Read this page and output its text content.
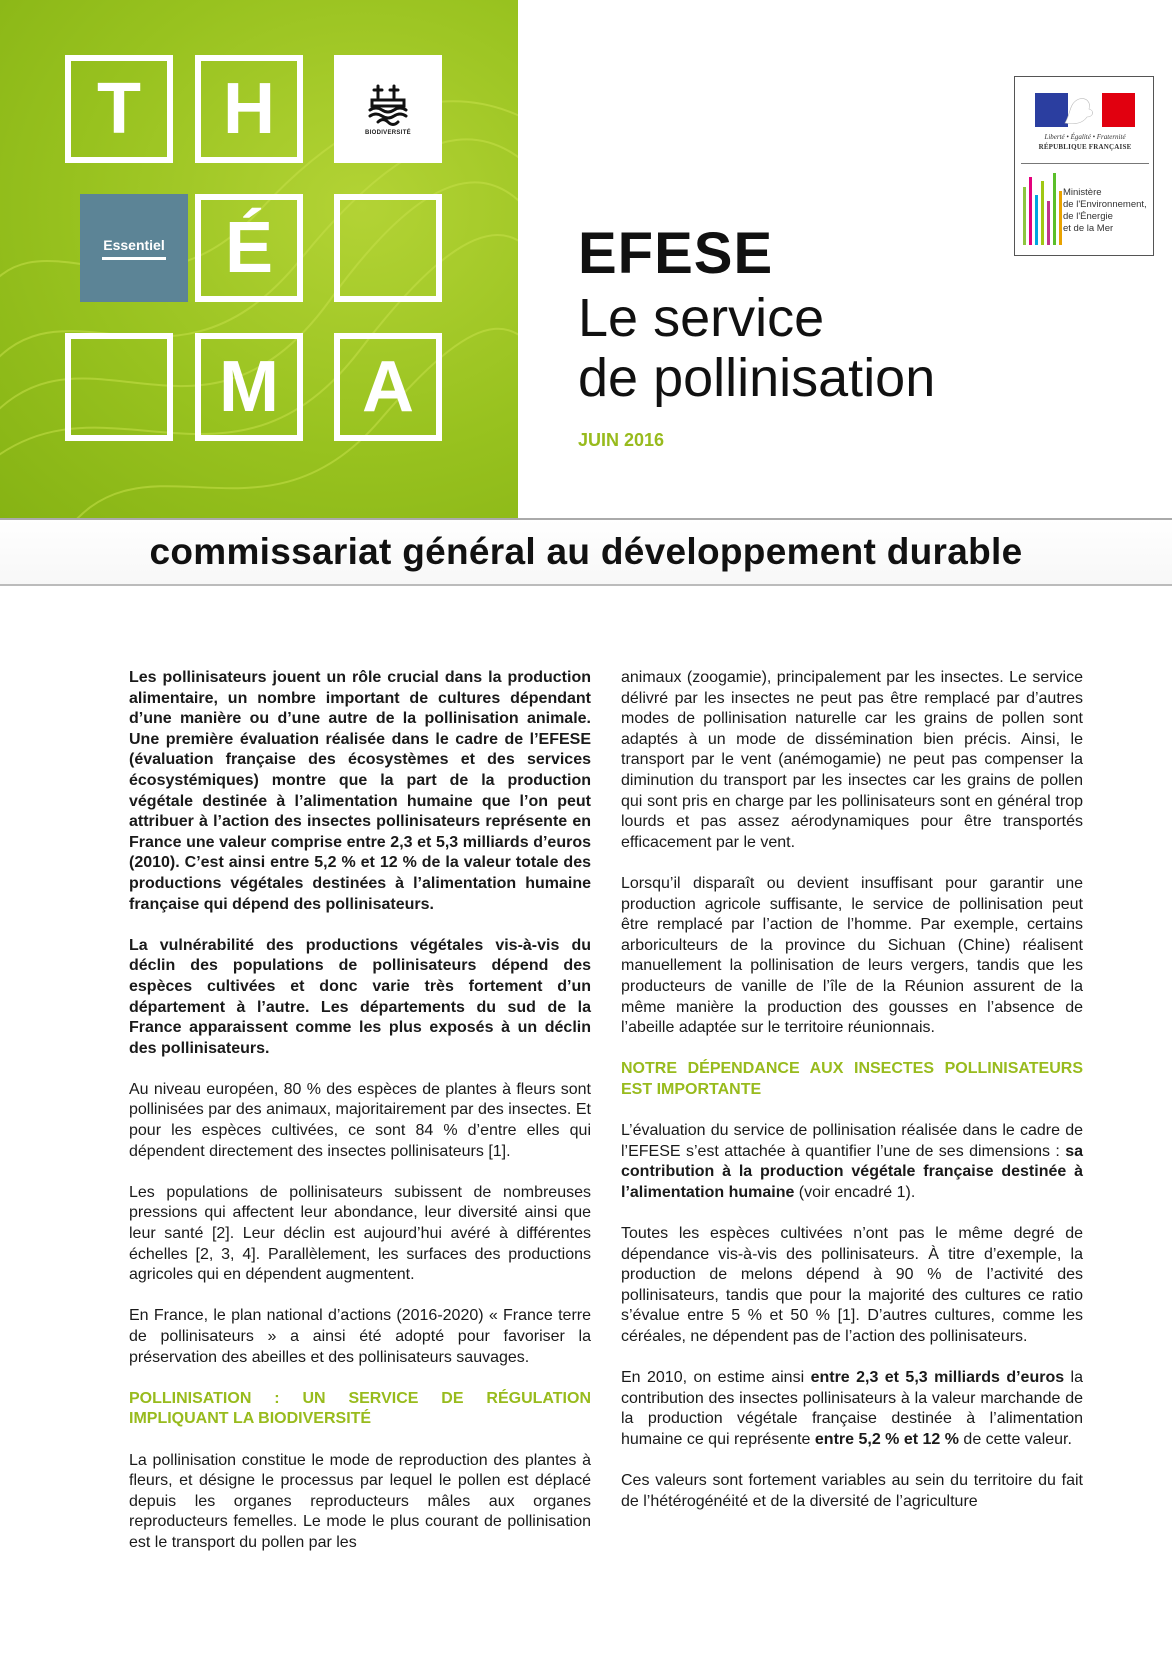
T	H	BIODIVERSITÉ
Essentiel É
M	A
Liberté • Égalité • Fraternité
RÉPUBLIQUE FRANÇAISE
Ministère
de l'Environnement,
de l'Énergie
et de la Mer
EFESE
Le service
de pollinisation
JUIN 2016
commissariat général au développement durable

Les pollinisateurs jouent un rôle crucial dans la production alimentaire, un nombre important de cultures dépendant d’une manière ou d’une autre de la pollinisation animale. Une première évaluation réalisée dans le cadre de l’EFESE (évaluation française des écosystèmes et des services écosystémiques) montre que la part de la production végétale destinée à l’alimentation humaine que l’on peut attribuer à l’action des insectes pollinisateurs représente en France une valeur comprise entre 2,3 et 5,3 milliards d’euros (2010). C’est ainsi entre 5,2 % et 12 % de la valeur totale des productions végétales destinées à l’alimentation humaine française qui dépend des pollinisateurs.

La vulnérabilité des productions végétales vis-à-vis du déclin des populations de pollinisateurs dépend des espèces cultivées et donc varie très fortement d’un département à l’autre. Les départements du sud de la France apparaissent comme les plus exposés à un déclin des pollinisateurs.

Au niveau européen, 80 % des espèces de plantes à fleurs sont pollinisées par des animaux, majoritairement par des insectes. Et pour les espèces cultivées, ce sont 84 % d’entre elles qui dépendent directement des insectes pollinisateurs [1].

Les populations de pollinisateurs subissent de nombreuses pressions qui affectent leur abondance, leur diversité ainsi que leur santé [2]. Leur déclin est aujourd’hui avéré à différentes échelles [2, 3, 4]. Parallèlement, les surfaces des productions agricoles qui en dépendent augmentent.

En France, le plan national d’actions (2016-2020) « France terre de pollinisateurs » a ainsi été adopté pour favoriser la préservation des abeilles et des pollinisateurs sauvages.

POLLINISATION : UN SERVICE DE RÉGULATION IMPLIQUANT LA BIODIVERSITÉ

La pollinisation constitue le mode de reproduction des plantes à fleurs, et désigne le processus par lequel le pollen est déplacé depuis les organes reproducteurs mâles aux organes reproducteurs femelles. Le mode le plus courant de pollinisation est le transport du pollen par les

animaux (zoogamie), principalement par les insectes. Le service délivré par les insectes ne peut pas être remplacé par d’autres modes de pollinisation naturelle car les grains de pollen sont adaptés à un mode de dissémination bien précis. Ainsi, le transport par le vent (anémogamie) ne peut pas compenser la diminution du transport par les insectes car les grains de pollen qui sont pris en charge par les pollinisateurs sont en général trop lourds et pas assez aérodynamiques pour être transportés efficacement par le vent.

Lorsqu’il disparaît ou devient insuffisant pour garantir une production agricole suffisante, le service de pollinisation peut être remplacé par l’action de l’homme. Par exemple, certains arboriculteurs de la province du Sichuan (Chine) réalisent manuellement la pollinisation de leurs vergers, tandis que les producteurs de vanille de l’île de la Réunion assurent de la même manière la production des gousses en l’absence de l’abeille adaptée sur le territoire réunionnais.

NOTRE DÉPENDANCE AUX INSECTES POLLINISATEURS EST IMPORTANTE

L’évaluation du service de pollinisation réalisée dans le cadre de l’EFESE s’est attachée à quantifier l’une de ses dimensions : sa contribution à la production végétale française destinée à l’alimentation humaine (voir encadré 1).

Toutes les espèces cultivées n’ont pas le même degré de dépendance vis-à-vis des pollinisateurs. À titre d’exemple, la production de melons dépend à 90 % de l’activité des pollinisateurs, tandis que pour la majorité des cultures ce ratio s’évalue entre 5 % et 50 % [1]. D’autres cultures, comme les céréales, ne dépendent pas de l’action des pollinisateurs.

En 2010, on estime ainsi entre 2,3 et 5,3 milliards d’euros la contribution des insectes pollinisateurs à la valeur marchande de la production végétale française destinée à l’alimentation humaine ce qui représente entre 5,2 % et 12 % de cette valeur.

Ces valeurs sont fortement variables au sein du territoire du fait de l’hétérogénéité et de la diversité de l’agriculture
